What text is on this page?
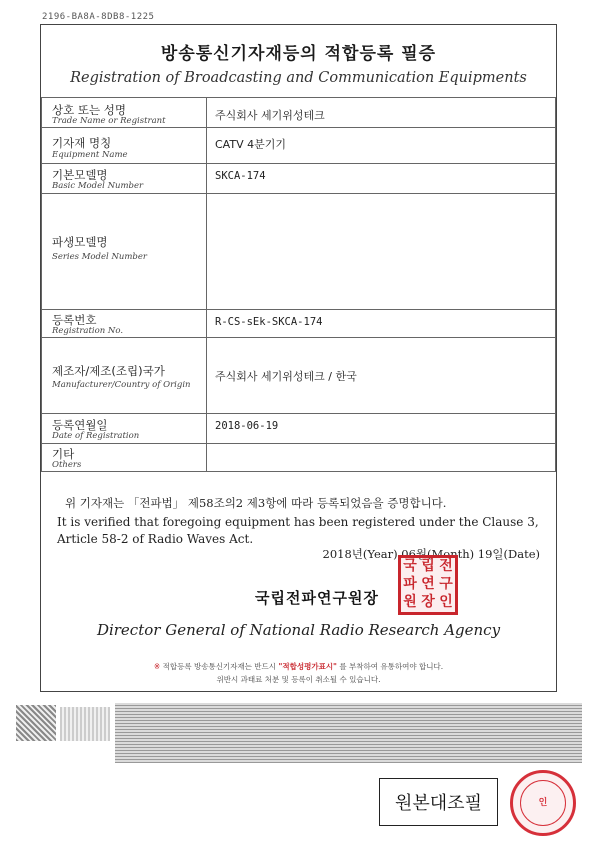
2196-BA8A-8DB8-1225
방송통신기자재등의 적합등록 필증
Registration of Broadcasting and Communication Equipments
상호 또는 성명
Trade Name or Registrant	주식회사 세기위성테크

기자재 명칭
Equipment Name	CATV 4분기기

기본모델명
Basic Model Number	SKCA-174

파생모델명
Series Model Number	

등록번호
Registration No.	R-CS-sEk-SKCA-174

제조자/제조(조립)국가
Manufacturer/Country of Origin	주식회사 세기위성테크 / 한국

등록연월일
Date of Registration	2018-06-19

기타
Others	

위 기자재는 「전파법」 제58조의2 제3항에 따라 등록되었음을 증명합니다.
It is verified that foregoing equipment has been registered under the Clause 3,
Article 58-2 of Radio Waves Act.
2018년(Year) 06월(Month) 19일(Date)
국립전파연구원장
국 립 전
파 연 구
원 장 인
Director General of National Radio Research Agency
※ 적합등록 방송통신기자재는 반드시 "적합성평가표시" 를 부착하여 유통하여야 합니다.
위반시 과태료 처분 및 등록이 취소될 수 있습니다.
원본대조필	인
